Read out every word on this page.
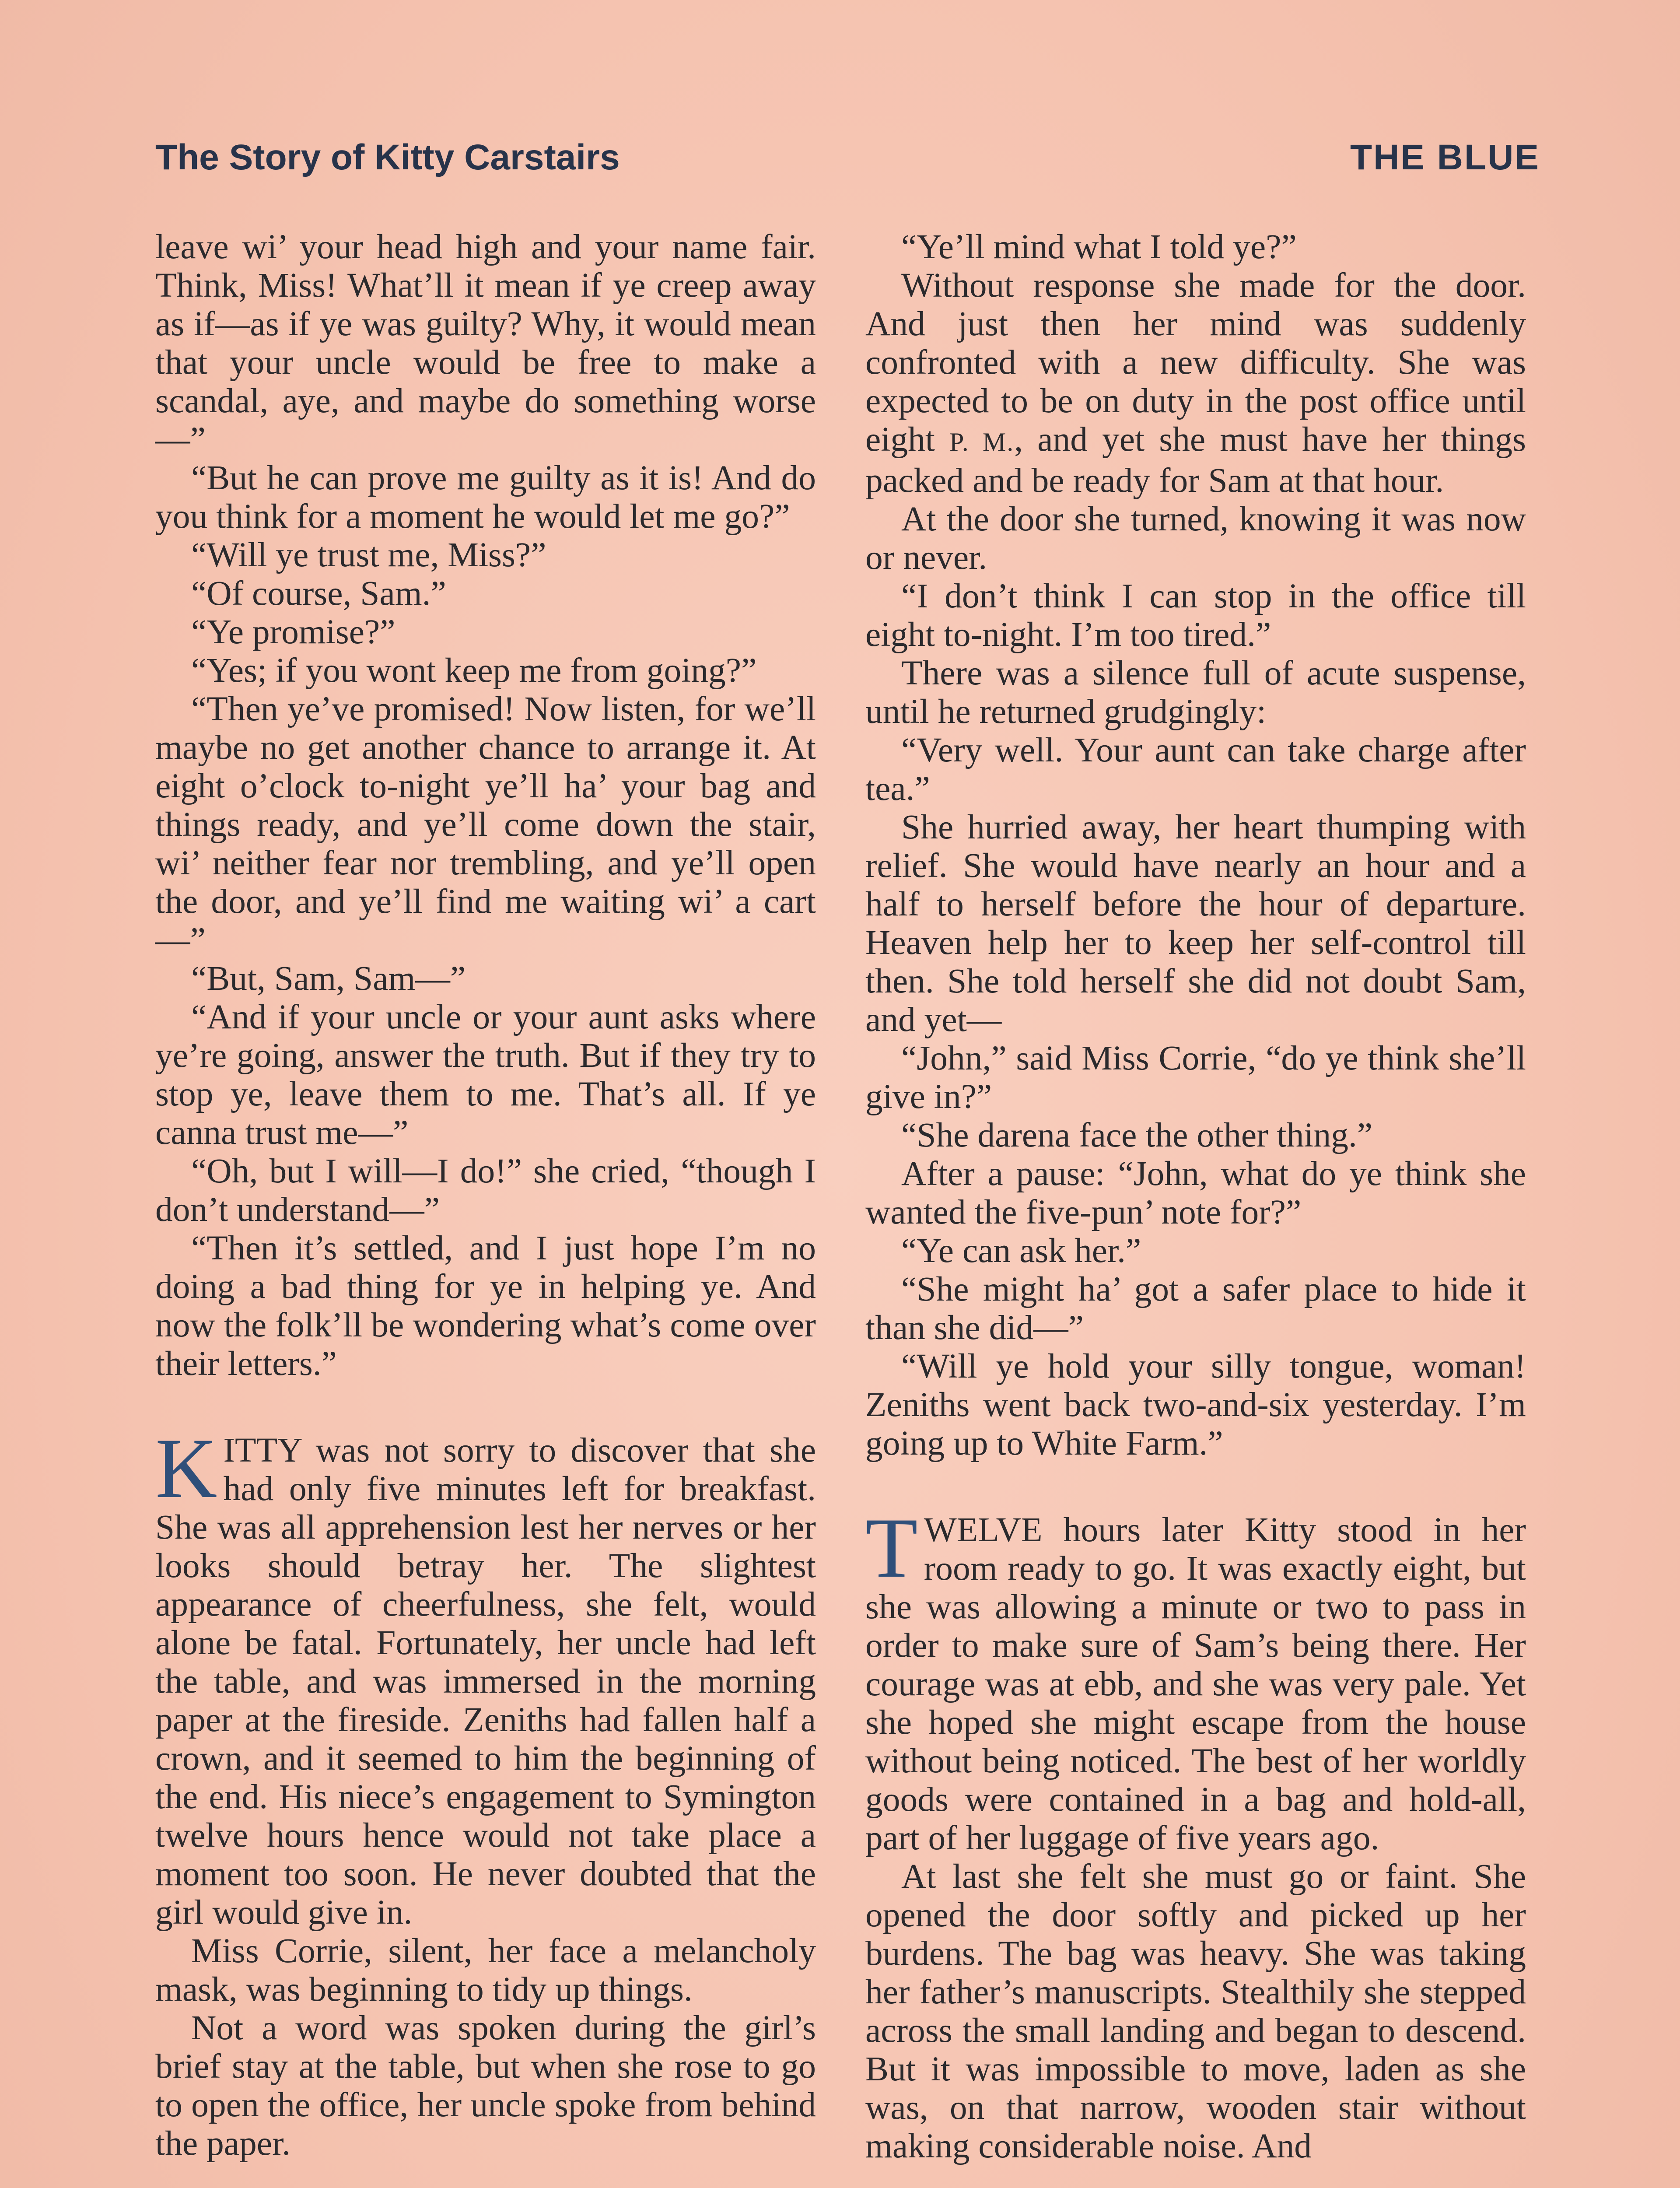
The Story of Kitty Carstairs	THE BLUE

leave wi’ your head high and your name fair. Think, Miss! What’ll it mean if ye creep away as if—as if ye was guilty? Why, it would mean that your uncle would be free to make a scandal, aye, and maybe do something worse—”

“But he can prove me guilty as it is! And do you think for a moment he would let me go?”

“Will ye trust me, Miss?”

“Of course, Sam.”

“Ye promise?”

“Yes; if you wont keep me from going?”

“Then ye’ve promised! Now listen, for we’ll maybe no get another chance to arrange it. At eight o’clock to-night ye’ll ha’ your bag and things ready, and ye’ll come down the stair, wi’ neither fear nor trembling, and ye’ll open the door, and ye’ll find me waiting wi’ a cart—”

“But, Sam, Sam—”

“And if your uncle or your aunt asks where ye’re going, answer the truth. But if they try to stop ye, leave them to me. That’s all. If ye canna trust me—”

“Oh, but I will—I do!” she cried, “though I don’t understand—”

“Then it’s settled, and I just hope I’m no doing a bad thing for ye in helping ye. And now the folk’ll be wondering what’s come over their letters.”

KITTY was not sorry to discover that she had only five minutes left for breakfast. She was all apprehension lest her nerves or her looks should betray her. The slightest appearance of cheerfulness, she felt, would alone be fatal. Fortunately, her uncle had left the table, and was immersed in the morning paper at the fireside. Zeniths had fallen half a crown, and it seemed to him the beginning of the end. His niece’s engagement to Symington twelve hours hence would not take place a moment too soon. He never doubted that the girl would give in.

Miss Corrie, silent, her face a melancholy mask, was beginning to tidy up things.

Not a word was spoken during the girl’s brief stay at the table, but when she rose to go to open the office, her uncle spoke from behind the paper.

“Ye’ll mind what I told ye?”

Without response she made for the door. And just then her mind was suddenly confronted with a new difficulty. She was expected to be on duty in the post office until eight P. M., and yet she must have her things packed and be ready for Sam at that hour.

At the door she turned, knowing it was now or never.

“I don’t think I can stop in the office till eight to-night. I’m too tired.”

There was a silence full of acute suspense, until he returned grudgingly:

“Very well. Your aunt can take charge after tea.”

She hurried away, her heart thumping with relief. She would have nearly an hour and a half to herself before the hour of departure. Heaven help her to keep her self-control till then. She told herself she did not doubt Sam, and yet—

“John,” said Miss Corrie, “do ye think she’ll give in?”

“She darena face the other thing.”

After a pause: “John, what do ye think she wanted the five-pun’ note for?”

“Ye can ask her.”

“She might ha’ got a safer place to hide it than she did—”

“Will ye hold your silly tongue, woman! Zeniths went back two-and-six yesterday. I’m going up to White Farm.”

TWELVE hours later Kitty stood in her room ready to go. It was exactly eight, but she was allowing a minute or two to pass in order to make sure of Sam’s being there. Her courage was at ebb, and she was very pale. Yet she hoped she might escape from the house without being noticed. The best of her worldly goods were contained in a bag and hold-all, part of her luggage of five years ago.

At last she felt she must go or faint. She opened the door softly and picked up her burdens. The bag was heavy. She was taking her father’s manuscripts. Stealthily she stepped across the small landing and began to descend. But it was impossible to move, laden as she was, on that narrow, wooden stair without making considerable noise. And
